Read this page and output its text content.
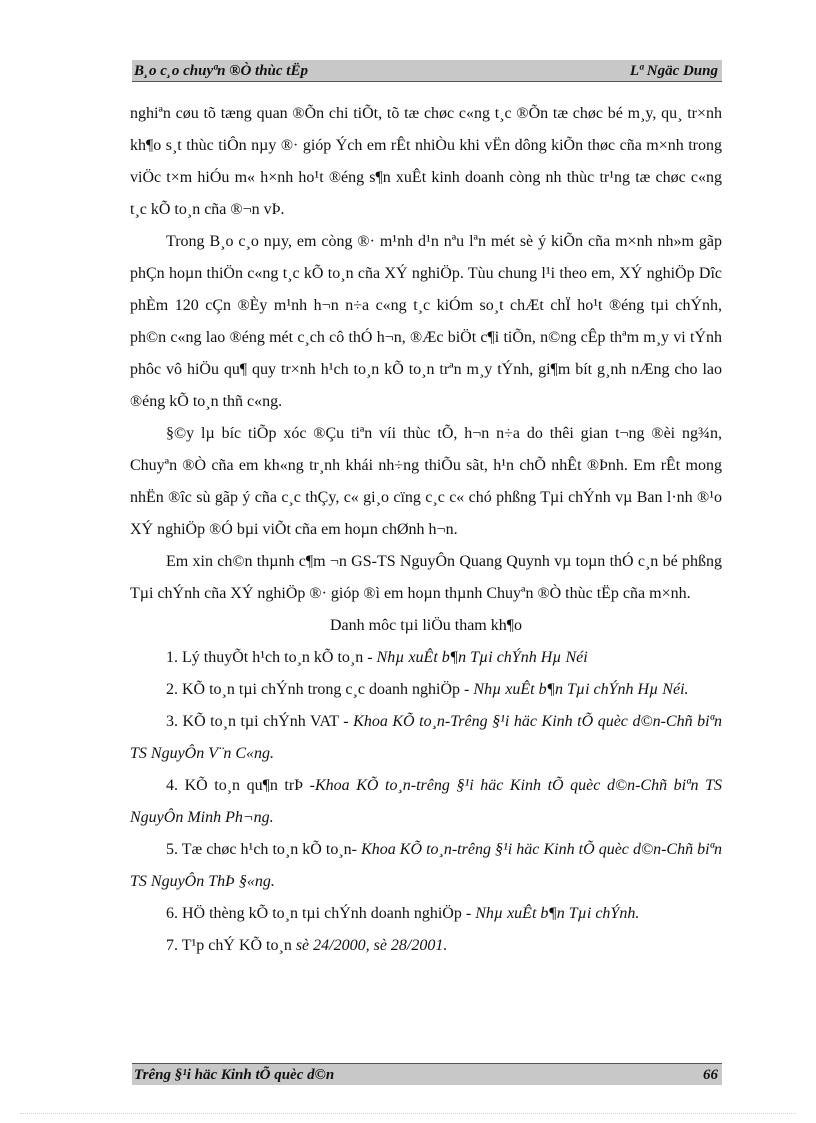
B¸o c¸o chuyªn ®Ò thùc tËp	Lª Ngäc Dung

nghiªn cøu tõ tæng quan ®Õn chi tiÕt, tõ tæ chøc c«ng t¸c ®Õn tæ chøc bé m¸y, qu¸ tr×nh kh¶o s¸t thùc tiÔn nµy ®· gióp Ých em rÊt nhiÒu khi vËn dông kiÕn thøc cña m×nh trong viÖc t×m hiÓu m« h×nh ho¹t ®éng s¶n xuÊt kinh doanh còng nh thùc tr¹ng tæ chøc c«ng t¸c kÕ to¸n cña ®¬n vÞ.

Trong B¸o c¸o nµy, em còng ®· m¹nh d¹n nªu lªn mét sè ý kiÕn cña m×nh nh»m gãp phÇn hoµn thiÖn c«ng t¸c kÕ to¸n cña XÝ nghiÖp. Tùu chung l¹i theo em, XÝ nghiÖp Dîc phÈm 120 cÇn ®Èy m¹nh h¬n n÷a c«ng t¸c kiÓm so¸t chÆt chÏ ho¹t ®éng tµi chÝnh, ph©n c«ng lao ®éng mét c¸ch cô thÓ h¬n, ®Æc biÖt c¶i tiÕn, n©ng cÊp thªm m¸y vi tÝnh phôc vô hiÖu qu¶ quy tr×nh h¹ch to¸n kÕ to¸n trªn m¸y tÝnh, gi¶m bít g¸nh nÆng cho lao ®éng kÕ to¸n thñ c«ng.

§©y lµ bíc tiÕp xóc ®Çu tiªn víi thùc tÕ, h¬n n÷a do thêi gian t¬ng ®èi ng¾n, Chuyªn ®Ò cña em kh«ng tr¸nh khái nh÷ng thiÕu sãt, h¹n chÕ nhÊt ®Þnh. Em rÊt mong nhËn ®îc sù gãp ý cña c¸c thÇy, c« gi¸o cïng c¸c c« chó phßng Tµi chÝnh vµ Ban l·nh ®¹o XÝ nghiÖp ®Ó bµi viÕt cña em hoµn chØnh h¬n.

Em xin ch©n thµnh c¶m ¬n GS-TS NguyÔn Quang Quynh vµ toµn thÓ c¸n bé phßng Tµi chÝnh cña XÝ nghiÖp ®· gióp ®ì em hoµn thµnh Chuyªn ®Ò thùc tËp cña m×nh.

Danh môc tµi liÖu tham kh¶o

1. Lý thuyÕt h¹ch to¸n kÕ to¸n - Nhµ xuÊt b¶n Tµi chÝnh Hµ Néi

2. KÕ to¸n tµi chÝnh trong c¸c doanh nghiÖp - Nhµ xuÊt b¶n Tµi chÝnh Hµ Néi.

3. KÕ to¸n tµi chÝnh VAT - Khoa KÕ to¸n-Trêng §¹i häc Kinh tÕ quèc d©n-Chñ biªn TS NguyÔn V¨n C«ng.

4. KÕ to¸n qu¶n trÞ -Khoa KÕ to¸n-trêng §¹i häc Kinh tÕ quèc d©n-Chñ biªn TS NguyÔn Minh Ph¬ng.

5. Tæ chøc h¹ch to¸n kÕ to¸n- Khoa KÕ to¸n-trêng §¹i häc Kinh tÕ quèc d©n-Chñ biªn TS NguyÔn ThÞ §«ng.

6. HÖ thèng kÕ to¸n tµi chÝnh doanh nghiÖp - Nhµ xuÊt b¶n Tµi chÝnh.

7. T¹p chÝ KÕ to¸n sè 24/2000, sè 28/2001.

Trêng §¹i häc Kinh tÕ quèc d©n	66
